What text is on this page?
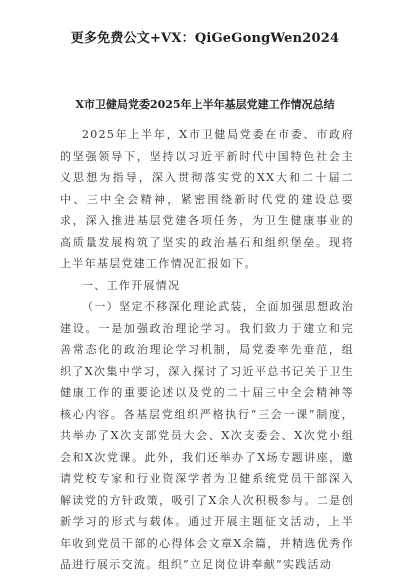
更多免费公文+VX：QiGeGongWen2024
X市卫健局党委2025年上半年基层党建工作情况总结

2025年上半年，X市卫健局党委在市委、市政府的坚强领导下，坚持以习近平新时代中国特色社会主义思想为指导，深入贯彻落实党的XX大和二十届二中、三中全会精神，紧密围绕新时代党的建设总要求，深入推进基层党建各项任务，为卫生健康事业的高质量发展构筑了坚实的政治基石和组织堡垒。现将上半年基层党建工作情况汇报如下。

一、工作开展情况

（一）坚定不移深化理论武装，全面加强思想政治建设。一是加强政治理论学习。我们致力于建立和完善常态化的政治理论学习机制，局党委率先垂范，组织了X次集中学习，深入探讨了习近平总书记关于卫生健康工作的重要论述以及党的二十届三中全会精神等核心内容。各基层党组织严格执行“三会一课”制度，共举办了X次支部党员大会、X次支委会、X次党小组会和X次党课。此外，我们还举办了X场专题讲座，邀请党校专家和行业资深学者为卫健系统党员干部深入解读党的方针政策，吸引了X余人次积极参与。二是创新学习的形式与载体。通过开展主题征文活动，上半年收到党员干部的心得体会文章X余篇，并精选优秀作品进行展示交流。组织“立足岗位讲奉献”实践活动
